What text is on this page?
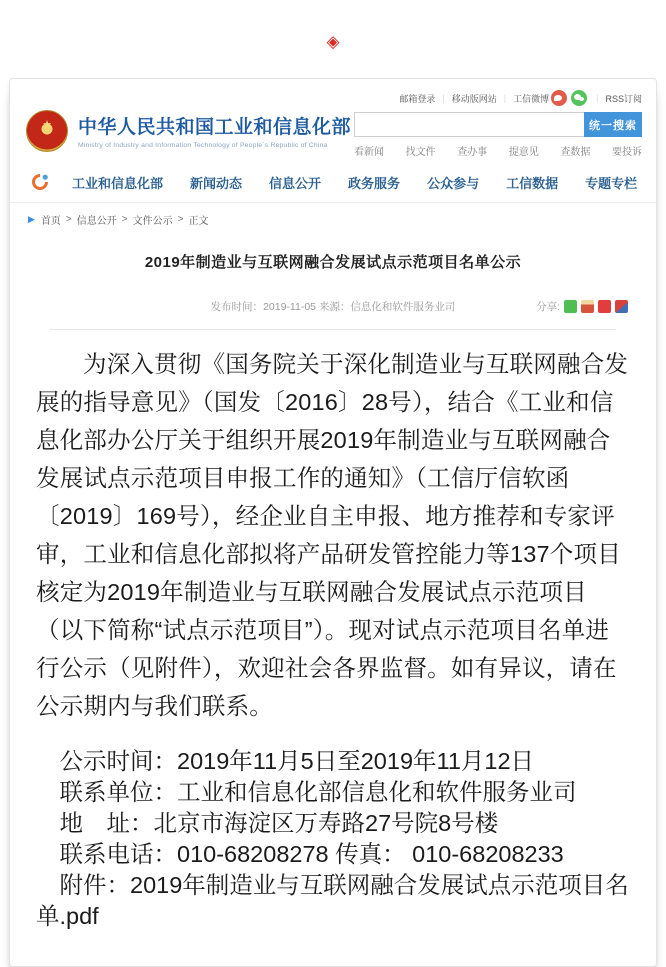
◈
★
中华人民共和国工业和信息化部
Ministry of Industry and Information Technology of People´s Republic of China
邮箱登录 | 移动版网站 | 工信微博	| RSS订阅
统一搜索
看新闻 找文件 查办事 提意见 查数据 要投诉
工业和信息化部 新闻动态 信息公开 政务服务 公众参与 工信数据 专题专栏
▶ 首页 > 信息公开 > 文件公示 > 正文
2019年制造业与互联网融合发展试点示范项目名单公示
发布时间：2019-11-05 来源：信息化和软件服务业司	分享:

为深入贯彻《国务院关于深化制造业与互联网融合发展的指导意见》（国发〔2016〕28号），结合《工业和信息化部办公厅关于组织开展2019年制造业与互联网融合发展试点示范项目申报工作的通知》（工信厅信软函〔2019〕169号），经企业自主申报、地方推荐和专家评审，工业和信息化部拟将产品研发管控能力等137个项目核定为2019年制造业与互联网融合发展试点示范项目（以下简称“试点示范项目”）。现对试点示范项目名单进行公示（见附件），欢迎社会各界监督。如有异议，请在公示期内与我们联系。

公示时间：2019年11月5日至2019年11月12日
联系单位：工业和信息化部信息化和软件服务业司
地　址：北京市海淀区万寿路27号院8号楼
联系电话：010-68208278 传真： 010-68208233
附件：2019年制造业与互联网融合发展试点示范项目名单.pdf
